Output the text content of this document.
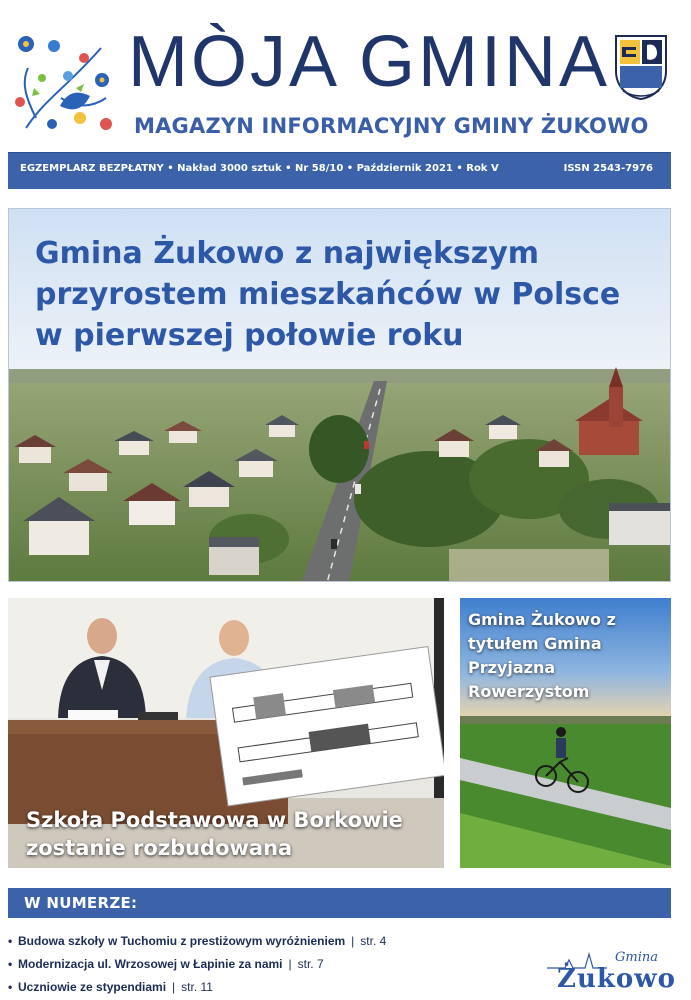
MÒJA GMINA
MAGAZYN INFORMACYJNY GMINY ŻUKOWO
EGZEMPLARZ BEZPŁATNY • Nakład 3000 sztuk • Nr 58/10 • Październik 2021 • Rok V	ISSN 2543-7976
Gmina Żukowo z największym przyrostem mieszkańców w Polsce w pierwszej połowie roku
Szkoła Podstawowa w Borkowie zostanie rozbudowana
Gmina Żukowo z tytułem Gmina Przyjazna Rowerzystom
W NUMERZE:
• Budowa szkoły w Tuchomiu z prestiżowym wyróżnieniem | str. 4
• Modernizacja ul. Wrzosowej w Łapinie za nami | str. 7
• Uczniowie ze stypendiami | str. 11
Gmina
Żukowo
